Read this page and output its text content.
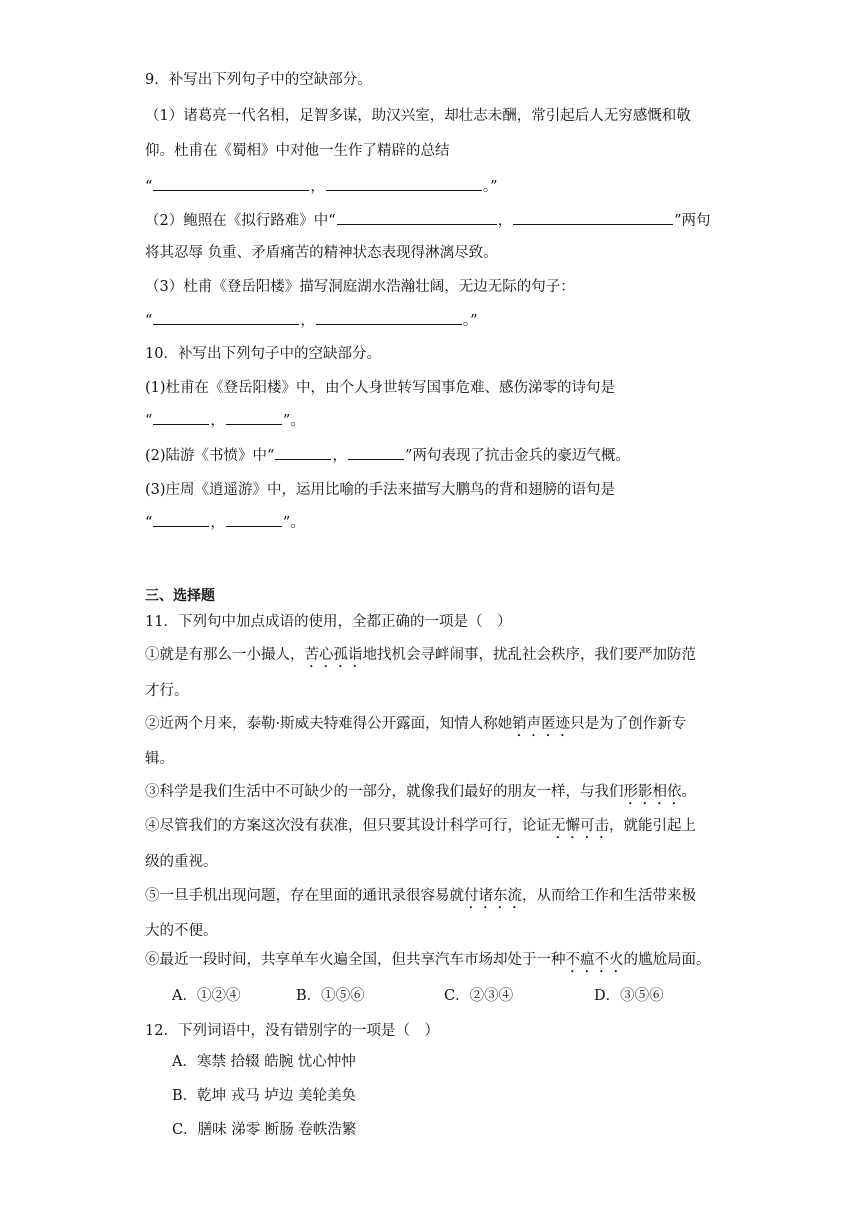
9．补写出下列句子中的空缺部分。
（1）诸葛亮一代名相，足智多谋，助汉兴室，却壮志未酬，常引起后人无穷感慨和敬
仰。杜甫在《蜀相》中对他一生作了精辟的总结
“	，	。”
（2）鲍照在《拟行路难》中“	，	”两句
将其忍辱 负重、矛盾痛苦的精神状态表现得淋漓尽致。
（3）杜甫《登岳阳楼》描写洞庭湖水浩瀚壮阔，无边无际的句子：
“	，	。”
10．补写出下列句子中的空缺部分。
(1)杜甫在《登岳阳楼》中，由个人身世转写国事危难、感伤涕零的诗句是
“	，	”。
(2)陆游《书愤》中“	，	”两句表现了抗击金兵的豪迈气概。
(3)庄周《逍遥游》中，运用比喻的手法来描写大鹏鸟的背和翅膀的语句是
“	，	”。
三、选择题
11．下列句中加点成语的使用，全都正确的一项是（　）
①就是有那么一小撮人，苦心孤诣地找机会寻衅闹事，扰乱社会秩序，我们要严加防范
才行。
②近两个月来，泰勒·斯威夫特难得公开露面，知情人称她销声匿迹只是为了创作新专
辑。
③科学是我们生活中不可缺少的一部分，就像我们最好的朋友一样，与我们形影相依。
④尽管我们的方案这次没有获准，但只要其设计科学可行，论证无懈可击，就能引起上
级的重视。
⑤一旦手机出现问题，存在里面的通讯录很容易就付诸东流，从而给工作和生活带来极
大的不便。
⑥最近一段时间，共享单车火遍全国，但共享汽车市场却处于一种不瘟不火的尴尬局面。
A．①②④	B．①⑤⑥	C．②③④	D．③⑤⑥
12．下列词语中，没有错别字的一项是（　）
A．寒禁 拾辍 皓腕 忧心忡忡
B．乾坤 戎马 垆边 美轮美奂
C．膳味 涕零 断肠 卷帙浩繁
